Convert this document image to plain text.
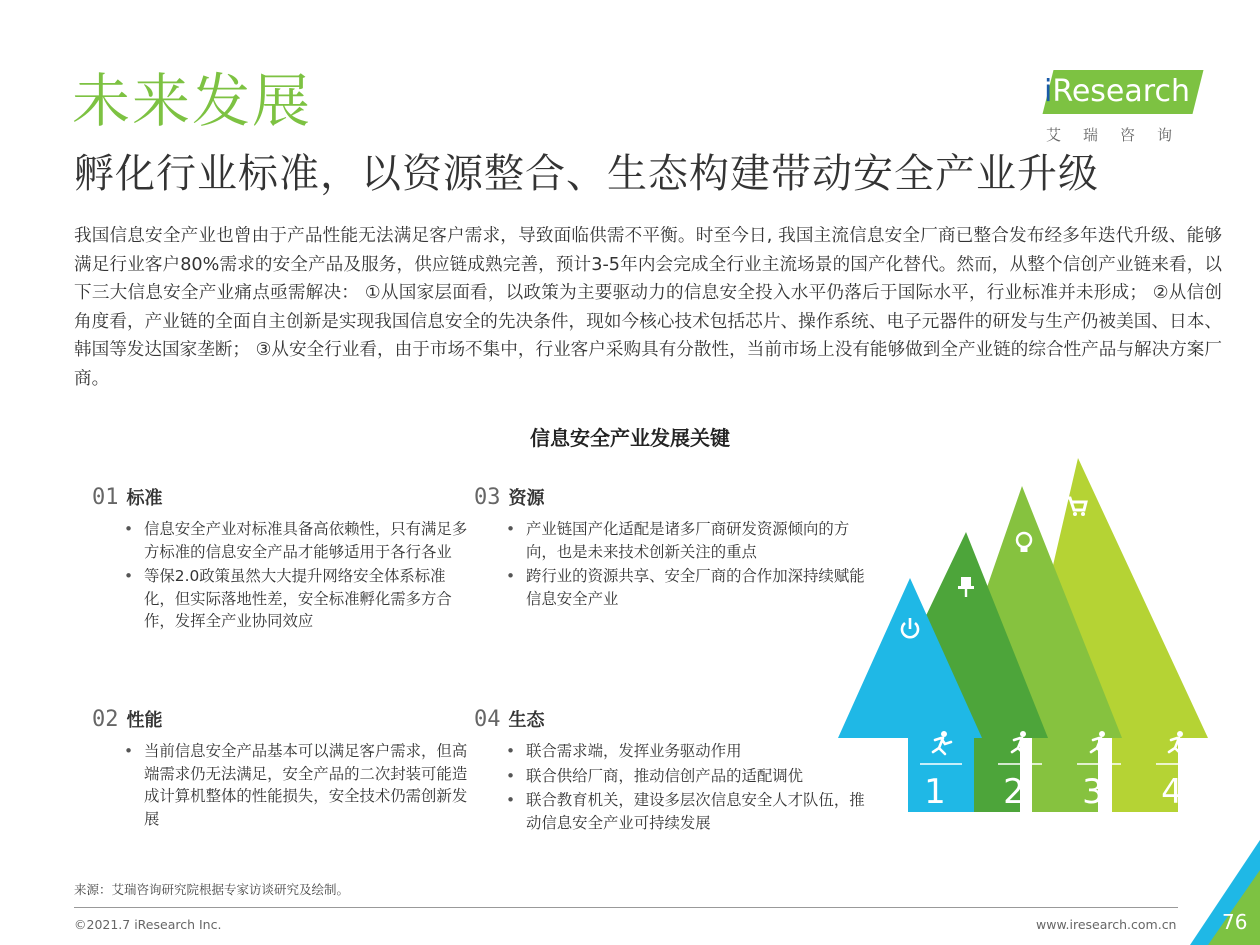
未来发展
孵化行业标准，以资源整合、生态构建带动安全产业升级
iResearch
艾瑞咨询
我国信息安全产业也曾由于产品性能无法满足客户需求，导致面临供需不平衡。时至今日, 我国主流信息安全厂商已整合发布经多年迭代升级、能够满足行业客户80%需求的安全产品及服务，供应链成熟完善，预计3-5年内会完成全行业主流场景的国产化替代。然而，从整个信创产业链来看，以下三大信息安全产业痛点亟需解决： ①从国家层面看，以政策为主要驱动力的信息安全投入水平仍落后于国际水平，行业标准并未形成； ②从信创角度看，产业链的全面自主创新是实现我国信息安全的先决条件，现如今核心技术包括芯片、操作系统、电子元器件的研发与生产仍被美国、日本、韩国等发达国家垄断； ③从安全行业看，由于市场不集中，行业客户采购具有分散性，当前市场上没有能够做到全产业链的综合性产品与解决方案厂商。
信息安全产业发展关键
01 标准
• 信息安全产业对标准具备高依赖性，只有满足多方标准的信息安全产品才能够适用于各行各业
• 等保2.0政策虽然大大提升网络安全体系标准化，但实际落地性差，安全标准孵化需多方合作，发挥全产业协同效应
02 性能
• 当前信息安全产品基本可以满足客户需求，但高端需求仍无法满足，安全产品的二次封装可能造成计算机整体的性能损失，安全技术仍需创新发展
03 资源
• 产业链国产化适配是诸多厂商研发资源倾向的方向，也是未来技术创新关注的重点
• 跨行业的资源共享、安全厂商的合作加深持续赋能信息安全产业
04 生态
• 联合需求端，发挥业务驱动作用
• 联合供给厂商，推动信创产品的适配调优
• 联合教育机关，建设多层次信息安全人才队伍，推动信息安全产业可持续发展
1 2 3 4
来源：艾瑞咨询研究院根据专家访谈研究及绘制。
©2021.7 iResearch Inc.	www.iresearch.com.cn 76
